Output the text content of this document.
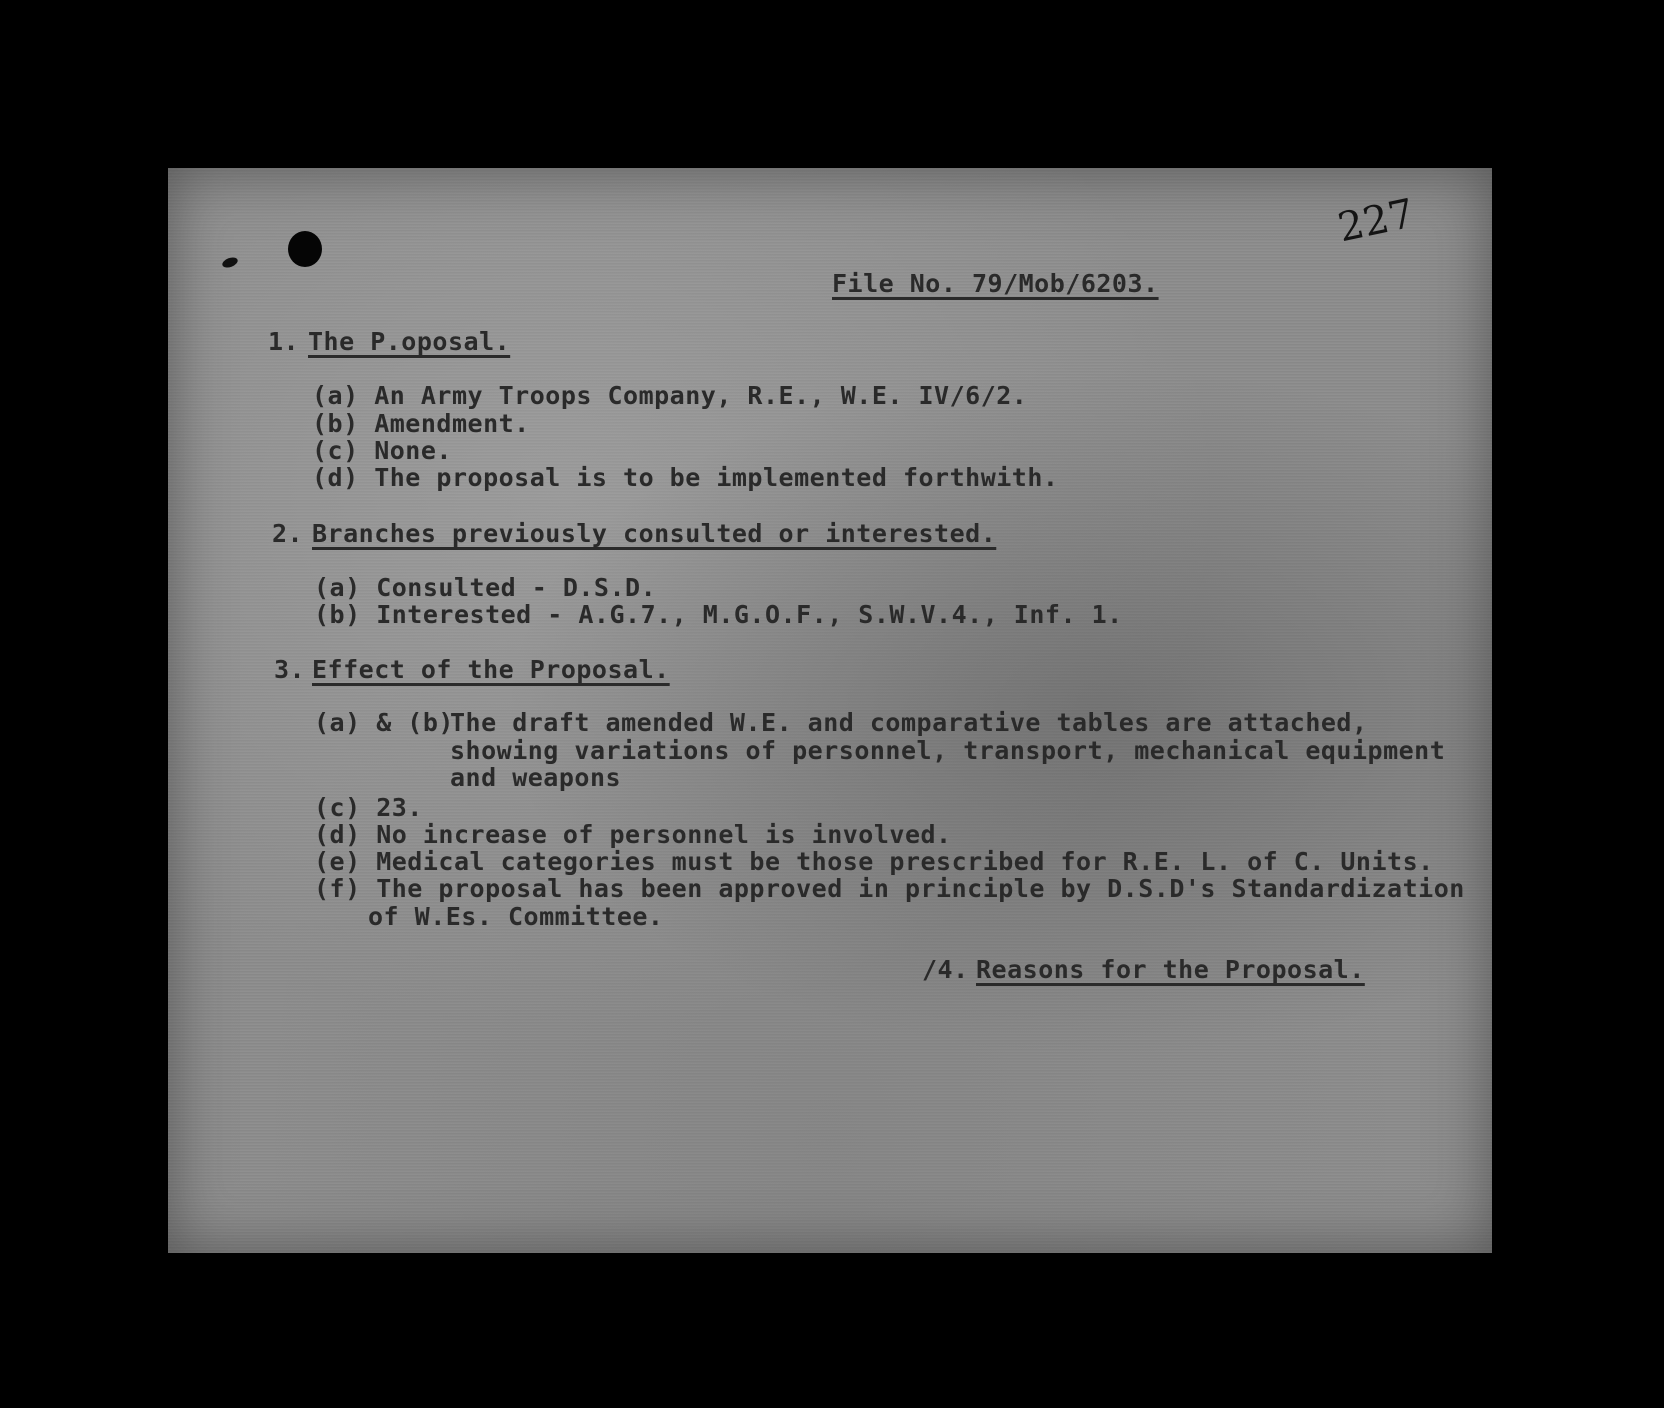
227
File No. 79/Mob/6203.
1. The P.oposal.
(a) An Army Troops Company, R.E., W.E. IV/6/2.
(b) Amendment.
(c) None.
(d) The proposal is to be implemented forthwith.
2. Branches previously consulted or interested.
(a) Consulted - D.S.D.
(b) Interested - A.G.7., M.G.O.F., S.W.V.4., Inf. 1.
3. Effect of the Proposal.
(a) & (b)
The draft amended W.E. and comparative tables are attached,
showing variations of personnel, transport, mechanical equipment
and weapons
(c) 23.
(d) No increase of personnel is involved.
(e) Medical categories must be those prescribed for R.E. L. of C. Units.
(f) The proposal has been approved in principle by D.S.D's Standardization
of W.Es. Committee.
/4. Reasons for the Proposal.
